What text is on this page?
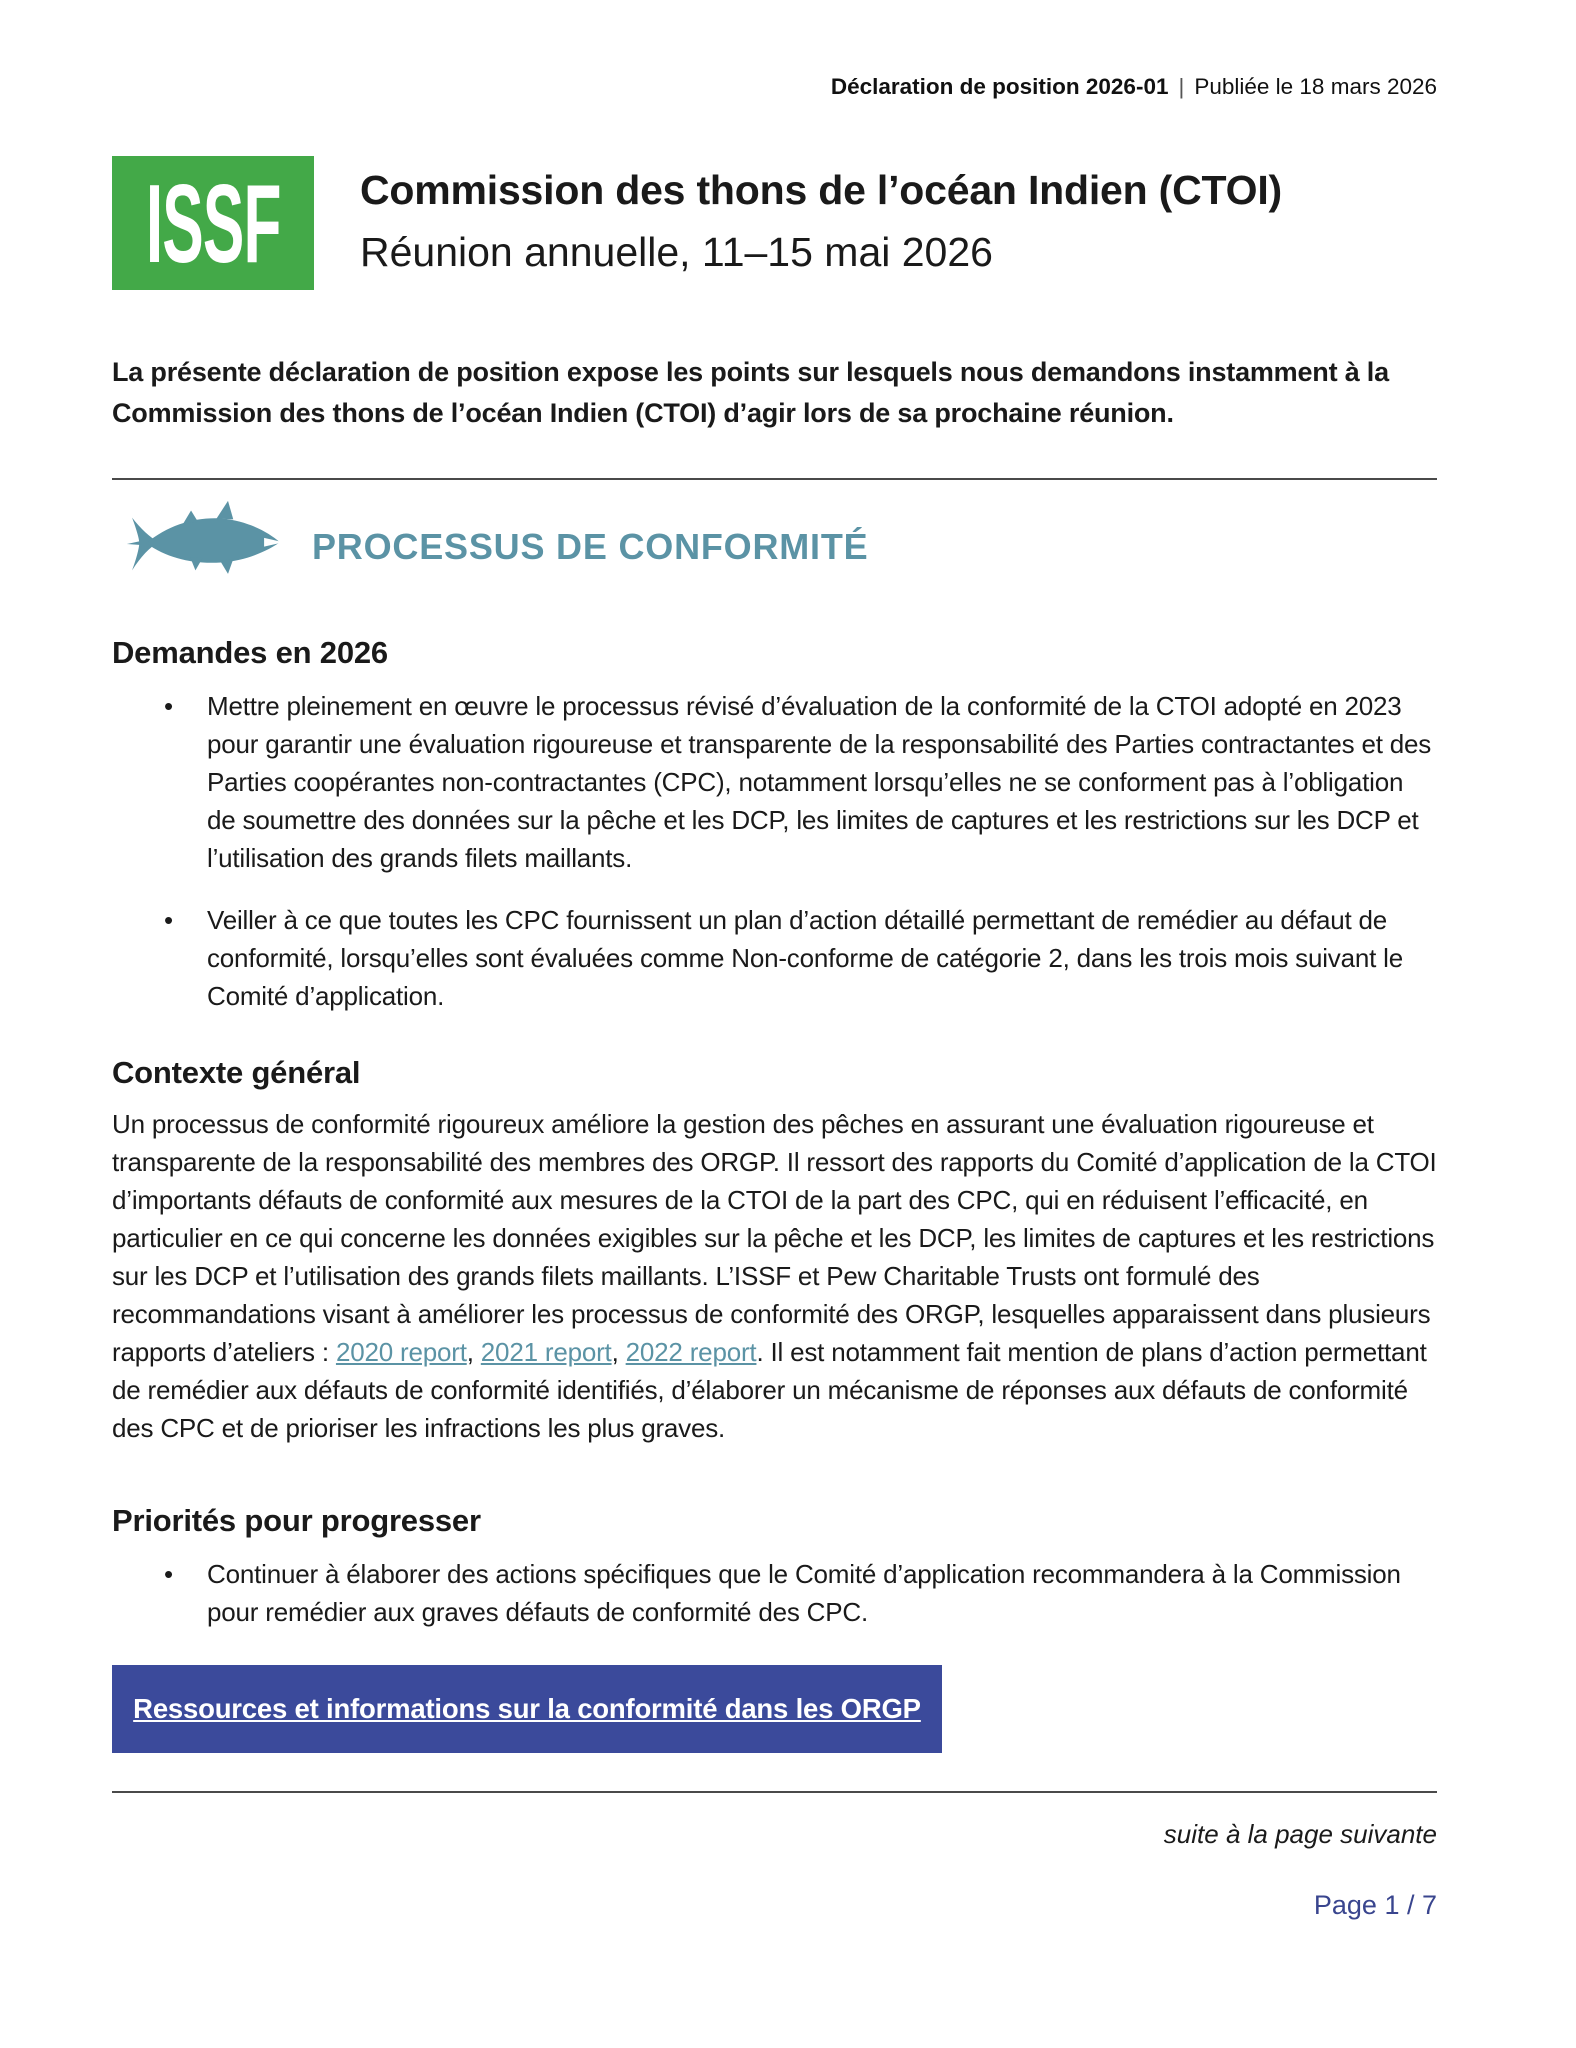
Déclaration de position 2026-01 | Publiée le 18 mars 2026
ISSF Commission des thons de l’océan Indien (CTOI)
Réunion annuelle, 11–15 mai 2026

La présente déclaration de position expose les points sur lesquels nous demandons instamment à la Commission des thons de l’océan Indien (CTOI) d’agir lors de sa prochaine réunion.

PROCESSUS DE CONFORMITÉ
Demandes en 2026
• Mettre pleinement en œuvre le processus révisé d’évaluation de la conformité de la CTOI adopté en 2023 pour garantir une évaluation rigoureuse et transparente de la responsabilité des Parties contractantes et des Parties coopérantes non-contractantes (CPC), notamment lorsqu’elles ne se conforment pas à l’obligation de soumettre des données sur la pêche et les DCP, les limites de captures et les restrictions sur les DCP et l’utilisation des grands filets maillants.
• Veiller à ce que toutes les CPC fournissent un plan d’action détaillé permettant de remédier au défaut de conformité, lorsqu’elles sont évaluées comme Non-conforme de catégorie 2, dans les trois mois suivant le Comité d’application.
Contexte général

Un processus de conformité rigoureux améliore la gestion des pêches en assurant une évaluation rigoureuse et transparente de la responsabilité des membres des ORGP. Il ressort des rapports du Comité d’application de la CTOI d’importants défauts de conformité aux mesures de la CTOI de la part des CPC, qui en réduisent l’efficacité, en particulier en ce qui concerne les données exigibles sur la pêche et les DCP, les limites de captures et les restrictions sur les DCP et l’utilisation des grands filets maillants. L’ISSF et Pew Charitable Trusts ont formulé des recommandations visant à améliorer les processus de conformité des ORGP, lesquelles apparaissent dans plusieurs rapports d’ateliers : 2020 report, 2021 report, 2022 report. Il est notamment fait mention de plans d’action permettant de remédier aux défauts de conformité identifiés, d’élaborer un mécanisme de réponses aux défauts de conformité des CPC et de prioriser les infractions les plus graves.

Priorités pour progresser
• Continuer à élaborer des actions spécifiques que le Comité d’application recommandera à la Commission pour remédier aux graves défauts de conformité des CPC.
Ressources et informations sur la conformité dans les ORGP
suite à la page suivante
Page 1 / 7
